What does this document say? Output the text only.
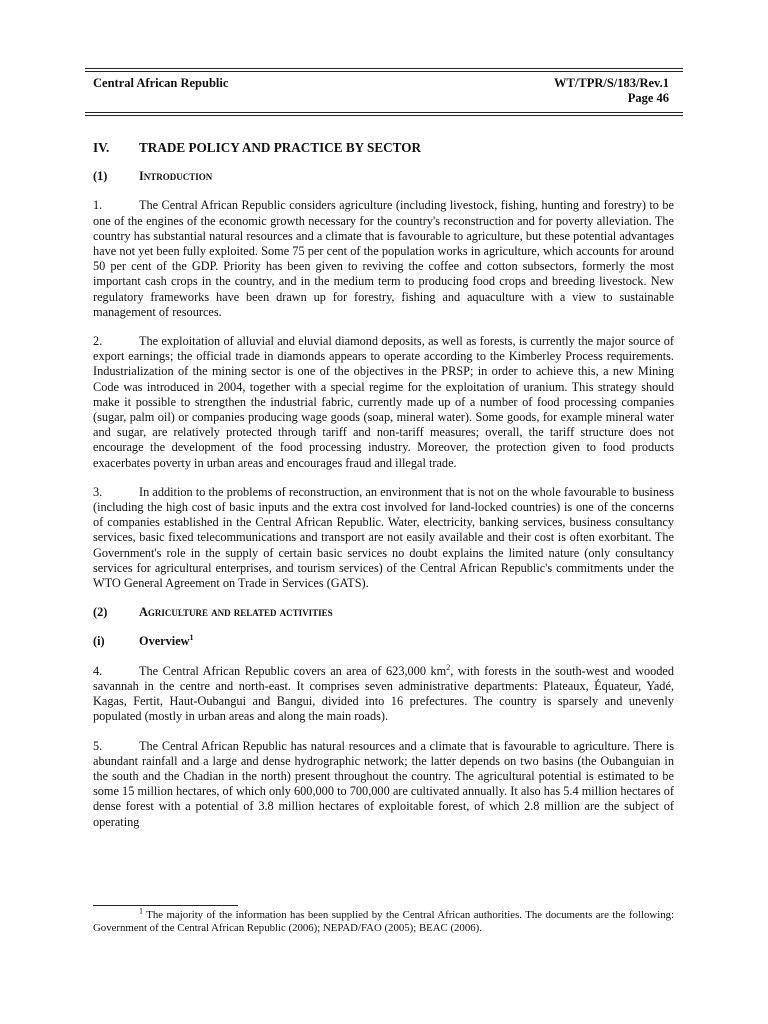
Central African Republic	WT/TPR/S/183/Rev.1
Page 46
IV.	TRADE POLICY AND PRACTICE BY SECTOR
(1)	Introduction

1.	The Central African Republic considers agriculture (including livestock, fishing, hunting and forestry) to be one of the engines of the economic growth necessary for the country's reconstruction and for poverty alleviation. The country has substantial natural resources and a climate that is favourable to agriculture, but these potential advantages have not yet been fully exploited. Some 75 per cent of the population works in agriculture, which accounts for around 50 per cent of the GDP. Priority has been given to reviving the coffee and cotton subsectors, formerly the most important cash crops in the country, and in the medium term to producing food crops and breeding livestock. New regulatory frameworks have been drawn up for forestry, fishing and aquaculture with a view to sustainable management of resources.

2.	The exploitation of alluvial and eluvial diamond deposits, as well as forests, is currently the major source of export earnings; the official trade in diamonds appears to operate according to the Kimberley Process requirements. Industrialization of the mining sector is one of the objectives in the PRSP; in order to achieve this, a new Mining Code was introduced in 2004, together with a special regime for the exploitation of uranium. This strategy should make it possible to strengthen the industrial fabric, currently made up of a number of food processing companies (sugar, palm oil) or companies producing wage goods (soap, mineral water). Some goods, for example mineral water and sugar, are relatively protected through tariff and non-tariff measures; overall, the tariff structure does not encourage the development of the food processing industry. Moreover, the protection given to food products exacerbates poverty in urban areas and encourages fraud and illegal trade.

3.	In addition to the problems of reconstruction, an environment that is not on the whole favourable to business (including the high cost of basic inputs and the extra cost involved for land-locked countries) is one of the concerns of companies established in the Central African Republic. Water, electricity, banking services, business consultancy services, basic fixed telecommunications and transport are not easily available and their cost is often exorbitant. The Government's role in the supply of certain basic services no doubt explains the limited nature (only consultancy services for agricultural enterprises, and tourism services) of the Central African Republic's commitments under the WTO General Agreement on Trade in Services (GATS).

(2)	Agriculture and related activities
(i)	Overview$^1$

4.	The Central African Republic covers an area of 623,000 $km^2$, with forests in the south-west and wooded savannah in the centre and north-east. It comprises seven administrative departments: Plateaux, Équateur, Yadé, Kagas, Fertit, Haut-Oubangui and Bangui, divided into 16 prefectures. The country is sparsely and unevenly populated (mostly in urban areas and along the main roads).

5.	The Central African Republic has natural resources and a climate that is favourable to agriculture. There is abundant rainfall and a large and dense hydrographic network; the latter depends on two basins (the Oubanguian in the south and the Chadian in the north) present throughout the country. The agricultural potential is estimated to be some 15 million hectares, of which only 600,000 to 700,000 are cultivated annually. It also has 5.4 million hectares of dense forest with a potential of 3.8 million hectares of exploitable forest, of which 2.8 million are the subject of operating

$^1$ The majority of the information has been supplied by the Central African authorities. The documents are the following: Government of the Central African Republic (2006); NEPAD/FAO (2005); BEAC (2006).
